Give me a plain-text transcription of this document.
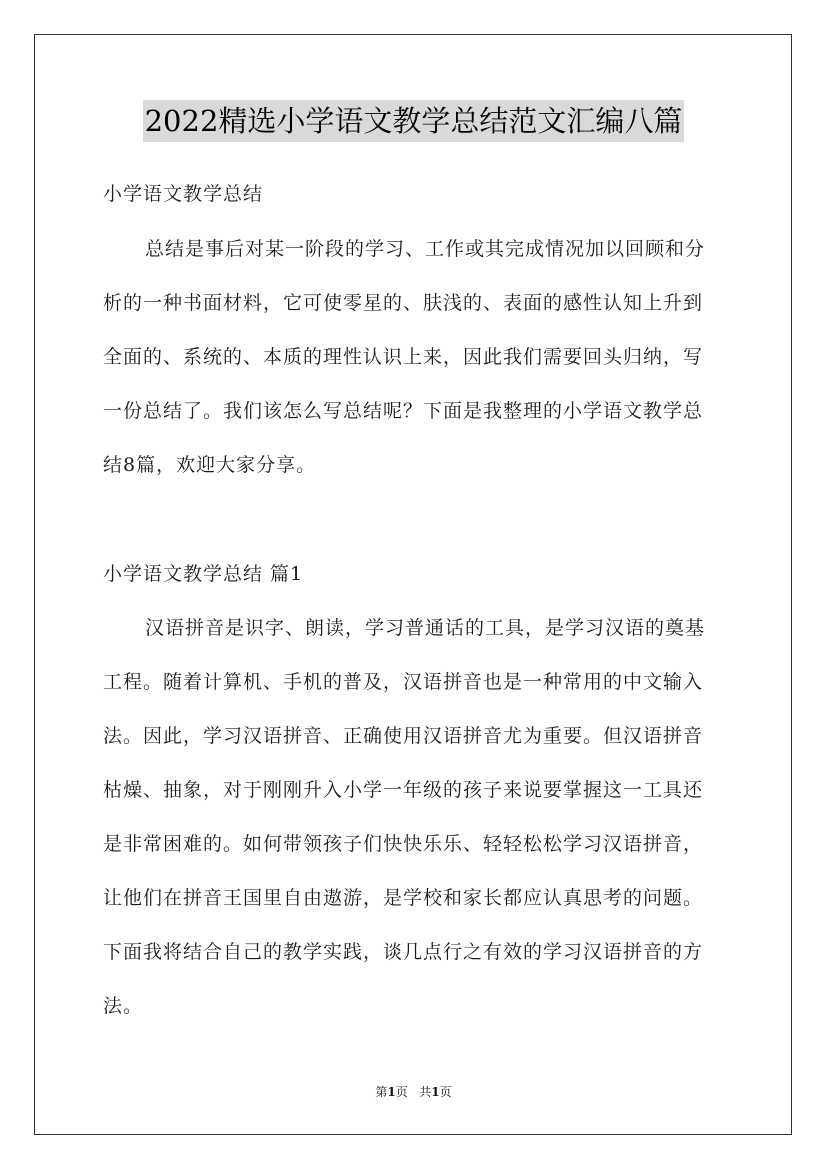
2022精选小学语文教学总结范文汇编八篇
小学语文教学总结
总结是事后对某一阶段的学习、工作或其完成情况加以回顾和分
析的一种书面材料，它可使零星的、肤浅的、表面的感性认知上升到
全面的、系统的、本质的理性认识上来，因此我们需要回头归纳，写
一份总结了。我们该怎么写总结呢？下面是我整理的小学语文教学总
结8篇，欢迎大家分享。
小学语文教学总结 篇1
汉语拼音是识字、朗读，学习普通话的工具，是学习汉语的奠基
工程。随着计算机、手机的普及，汉语拼音也是一种常用的中文输入
法。因此，学习汉语拼音、正确使用汉语拼音尤为重要。但汉语拼音
枯燥、抽象，对于刚刚升入小学一年级的孩子来说要掌握这一工具还
是非常困难的。如何带领孩子们快快乐乐、轻轻松松学习汉语拼音，
让他们在拼音王国里自由遨游，是学校和家长都应认真思考的问题。
下面我将结合自己的教学实践，谈几点行之有效的学习汉语拼音的方
法。
第1页 共1页
